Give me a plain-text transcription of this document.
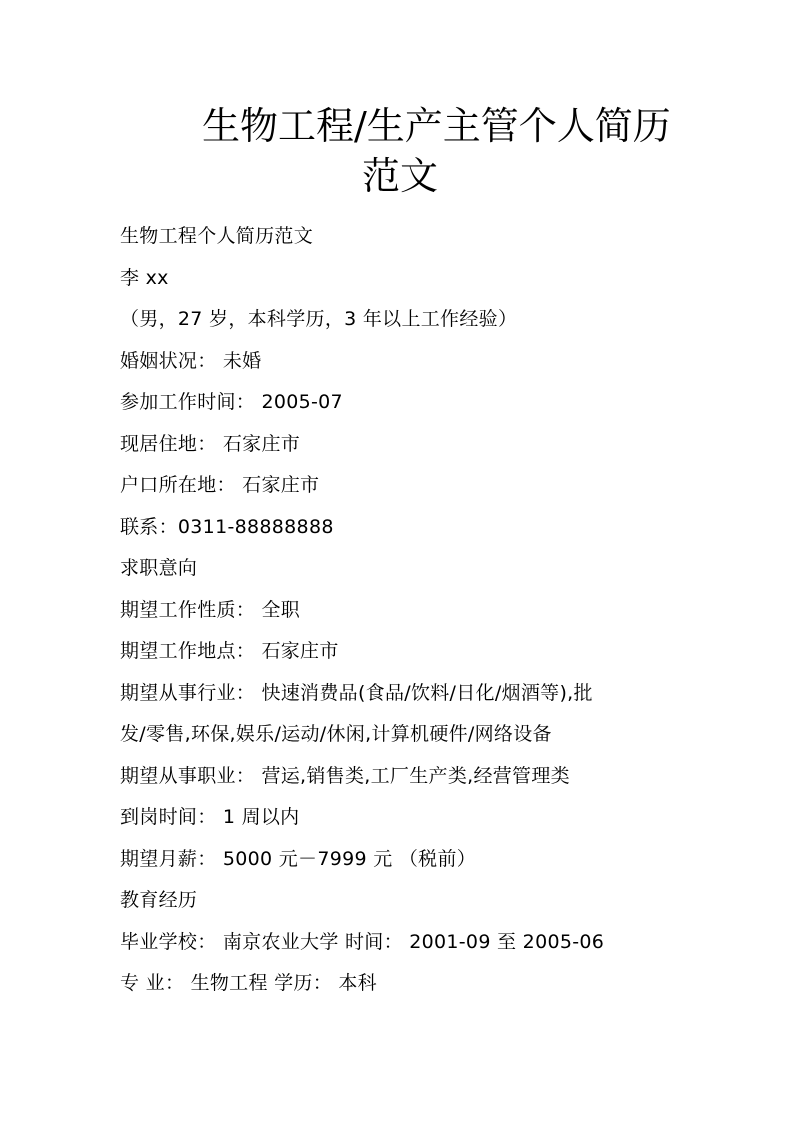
生物工程/生产主管个人简历
范文
生物工程个人简历范文
李 xx
（男，27 岁，本科学历，3 年以上工作经验）
婚姻状况： 未婚
参加工作时间： 2005-07
现居住地： 石家庄市
户口所在地： 石家庄市
联系：0311-88888888
求职意向
期望工作性质： 全职
期望工作地点： 石家庄市
期望从事行业： 快速消费品(食品/饮料/日化/烟酒等),批
发/零售,环保,娱乐/运动/休闲,计算机硬件/网络设备
期望从事职业： 营运,销售类,工厂生产类,经营管理类
到岗时间： 1 周以内
期望月薪： 5000 元－7999 元 （税前）
教育经历
毕业学校： 南京农业大学 时间： 2001-09 至 2005-06
专 业： 生物工程 学历： 本科
